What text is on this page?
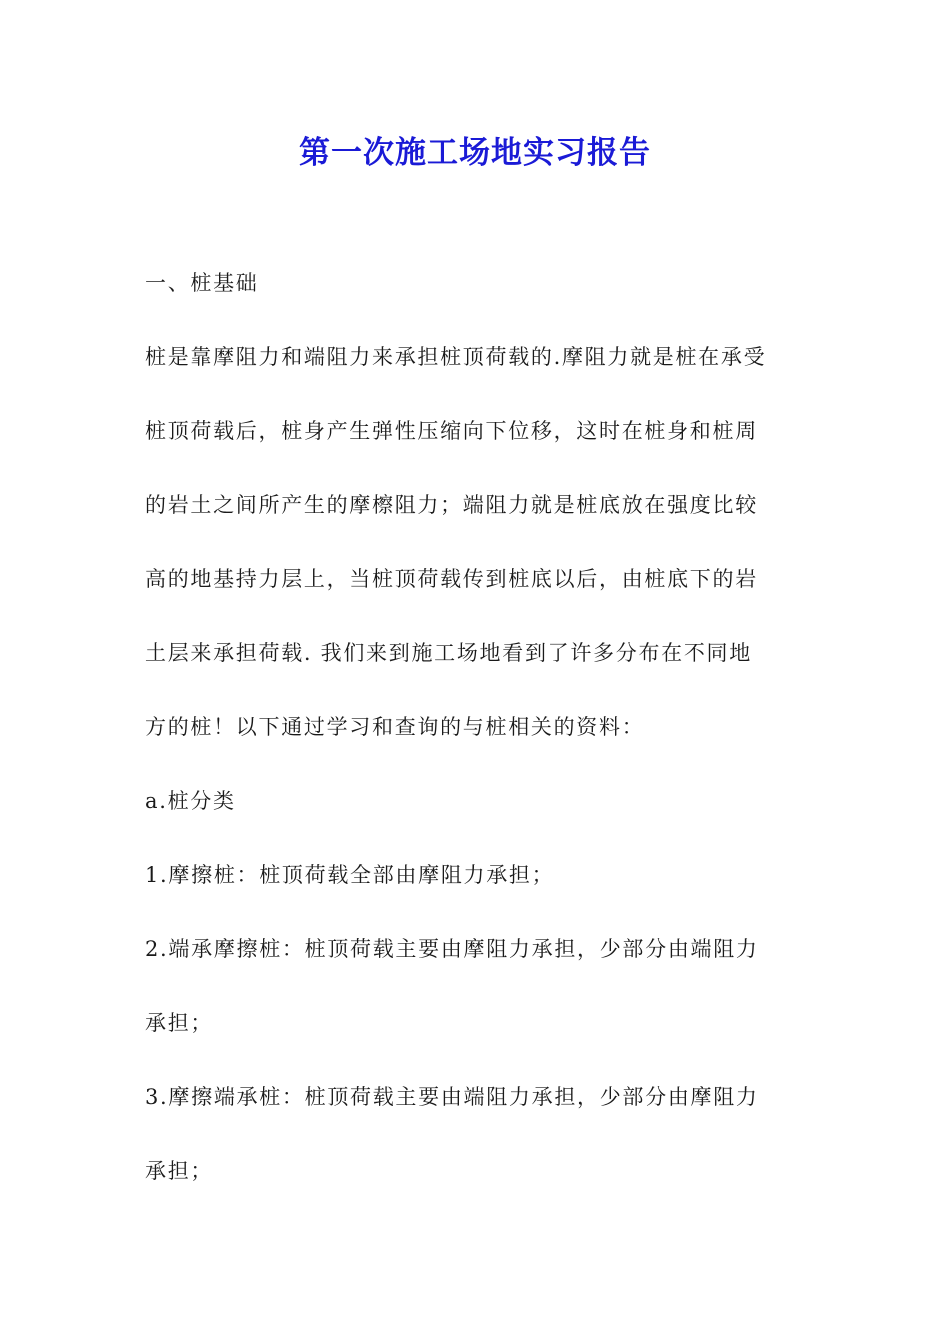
第一次施工场地实习报告
一、桩基础
桩是靠摩阻力和端阻力来承担桩顶荷载的.摩阻力就是桩在承受
桩顶荷载后，桩身产生弹性压缩向下位移，这时在桩身和桩周
的岩土之间所产生的摩檫阻力；端阻力就是桩底放在强度比较
高的地基持力层上，当桩顶荷载传到桩底以后，由桩底下的岩
土层来承担荷载. 我们来到施工场地看到了许多分布在不同地
方的桩！以下通过学习和查询的与桩相关的资料：
a.桩分类
1.摩擦桩：桩顶荷载全部由摩阻力承担；
2.端承摩擦桩：桩顶荷载主要由摩阻力承担，少部分由端阻力
承担；
3.摩擦端承桩：桩顶荷载主要由端阻力承担，少部分由摩阻力
承担；
